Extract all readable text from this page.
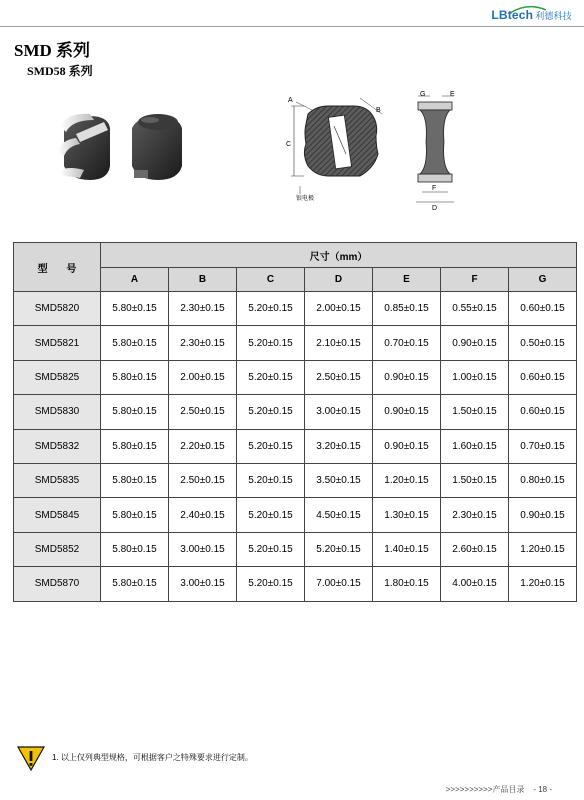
LBtech 利德科技
SMD 系列
SMD58 系列
C
A
B
银电极
G	E
F
D
型 号	尺寸（mm）						
	A	B	C	D	E	F	G
SMD5820	5.80±0.15	2.30±0.15	5.20±0.15	2.00±0.15	0.85±0.15	0.55±0.15	0.60±0.15
SMD5821	5.80±0.15	2.30±0.15	5.20±0.15	2.10±0.15	0.70±0.15	0.90±0.15	0.50±0.15
SMD5825	5.80±0.15	2.00±0.15	5.20±0.15	2.50±0.15	0.90±0.15	1.00±0.15	0.60±0.15
SMD5830	5.80±0.15	2.50±0.15	5.20±0.15	3.00±0.15	0.90±0.15	1.50±0.15	0.60±0.15
SMD5832	5.80±0.15	2.20±0.15	5.20±0.15	3.20±0.15	0.90±0.15	1.60±0.15	0.70±0.15
SMD5835	5.80±0.15	2.50±0.15	5.20±0.15	3.50±0.15	1.20±0.15	1.50±0.15	0.80±0.15
SMD5845	5.80±0.15	2.40±0.15	5.20±0.15	4.50±0.15	1.30±0.15	2.30±0.15	0.90±0.15
SMD5852	5.80±0.15	3.00±0.15	5.20±0.15	5.20±0.15	1.40±0.15	2.60±0.15	1.20±0.15
SMD5870	5.80±0.15	3.00±0.15	5.20±0.15	7.00±0.15	1.80±0.15	4.00±0.15	1.20±0.15
1. 以上仅列典型规格，可根据客户之特殊要求进行定制。
>>>>>>>>>>产品目录 - 18 -
